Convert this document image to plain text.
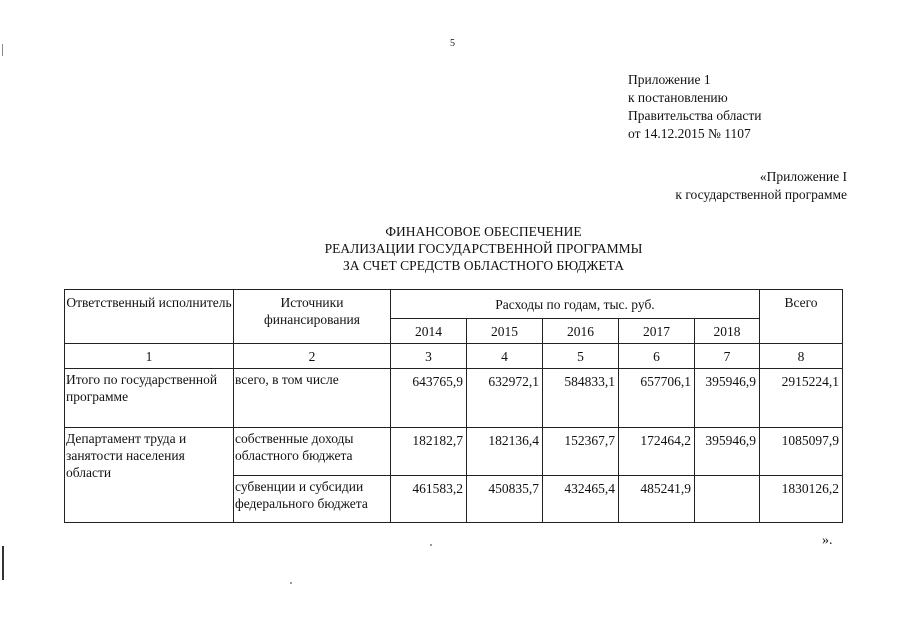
5
Приложение 1
к постановлению
Правительства области
от 14.12.2015 № 1107
«Приложение I
к государственной программе
ФИНАНСОВОЕ ОБЕСПЕЧЕНИЕ
РЕАЛИЗАЦИИ ГОСУДАРСТВЕННОЙ ПРОГРАММЫ
ЗА СЧЕТ СРЕДСТВ ОБЛАСТНОГО БЮДЖЕТА
Ответственный исполнитель	Источники финансирования	Расходы по годам, тыс. руб.					Всего
		2014	2015	2016	2017	2018	
1	2	3	4	5	6	7	8
Итого по государственной программе	всего, в том числе	643765,9	632972,1	584833,1	657706,1	395946,9	2915224,1
Департамент труда и занятости населения области	собственные доходы областного бюджета	182182,7	182136,4	152367,7	172464,2	395946,9	1085097,9
	субвенции и субсидии федерального бюджета	461583,2	450835,7	432465,4	485241,9		1830126,2
».
